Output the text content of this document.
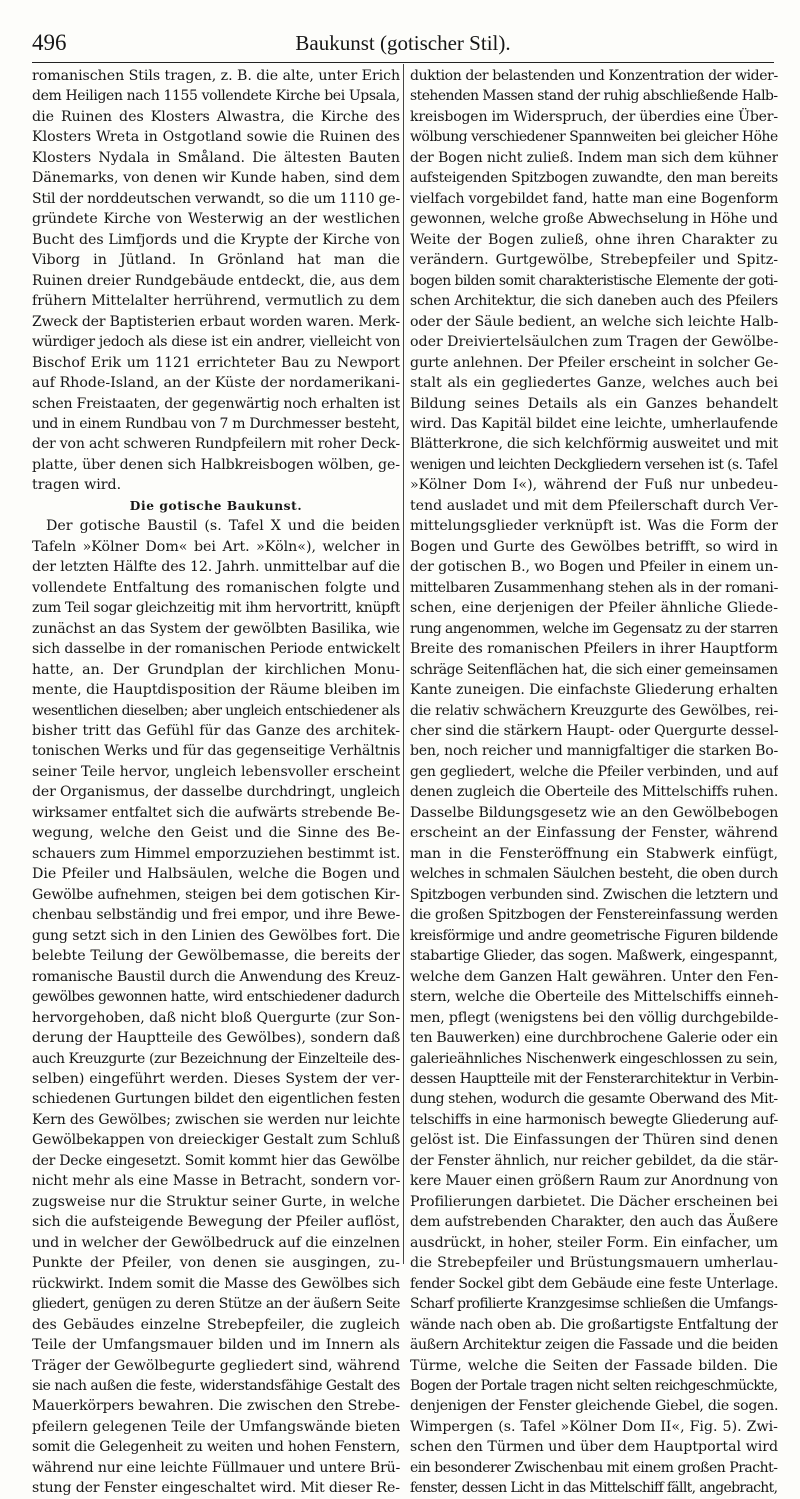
496	Baukunst (gotischer Stil).
romanischen Stils tragen, z. B. die alte, unter Erich
dem Heiligen nach 1155 vollendete Kirche bei Upsala,
die Ruinen des Klosters Alwastra, die Kirche des
Klosters Wreta in Ostgotland sowie die Ruinen des
Klosters Nydala in Småland. Die ältesten Bauten
Dänemarks, von denen wir Kunde haben, sind dem
Stil der norddeutschen verwandt, so die um 1110 ge-
gründete Kirche von Westerwig an der westlichen
Bucht des Limfjords und die Krypte der Kirche von
Viborg in Jütland. In Grönland hat man die
Ruinen dreier Rundgebäude entdeckt, die, aus dem
frühern Mittelalter herrührend, vermutlich zu dem
Zweck der Baptisterien erbaut worden waren. Merk-
würdiger jedoch als diese ist ein andrer, vielleicht von
Bischof Erik um 1121 errichteter Bau zu Newport
auf Rhode-Island, an der Küste der nordamerikani-
schen Freistaaten, der gegenwärtig noch erhalten ist
und in einem Rundbau von 7 m Durchmesser besteht,
der von acht schweren Rundpfeilern mit roher Deck-
platte, über denen sich Halbkreisbogen wölben, ge-
tragen wird.
Die gotische Baukunst.
Der gotische Baustil (s. Tafel X und die beiden
Tafeln »Kölner Dom« bei Art. »Köln«), welcher in
der letzten Hälfte des 12. Jahrh. unmittelbar auf die
vollendete Entfaltung des romanischen folgte und
zum Teil sogar gleichzeitig mit ihm hervortritt, knüpft
zunächst an das System der gewölbten Basilika, wie
sich dasselbe in der romanischen Periode entwickelt
hatte, an. Der Grundplan der kirchlichen Monu-
mente, die Hauptdisposition der Räume bleiben im
wesentlichen dieselben; aber ungleich entschiedener als
bisher tritt das Gefühl für das Ganze des architek-
tonischen Werks und für das gegenseitige Verhältnis
seiner Teile hervor, ungleich lebensvoller erscheint
der Organismus, der dasselbe durchdringt, ungleich
wirksamer entfaltet sich die aufwärts strebende Be-
wegung, welche den Geist und die Sinne des Be-
schauers zum Himmel emporzuziehen bestimmt ist.
Die Pfeiler und Halbsäulen, welche die Bogen und
Gewölbe aufnehmen, steigen bei dem gotischen Kir-
chenbau selbständig und frei empor, und ihre Bewe-
gung setzt sich in den Linien des Gewölbes fort. Die
belebte Teilung der Gewölbemasse, die bereits der
romanische Baustil durch die Anwendung des Kreuz-
gewölbes gewonnen hatte, wird entschiedener dadurch
hervorgehoben, daß nicht bloß Quergurte (zur Son-
derung der Hauptteile des Gewölbes), sondern daß
auch Kreuzgurte (zur Bezeichnung der Einzelteile des-
selben) eingeführt werden. Dieses System der ver-
schiedenen Gurtungen bildet den eigentlichen festen
Kern des Gewölbes; zwischen sie werden nur leichte
Gewölbekappen von dreieckiger Gestalt zum Schluß
der Decke eingesetzt. Somit kommt hier das Gewölbe
nicht mehr als eine Masse in Betracht, sondern vor-
zugsweise nur die Struktur seiner Gurte, in welche
sich die aufsteigende Bewegung der Pfeiler auflöst,
und in welcher der Gewölbedruck auf die einzelnen
Punkte der Pfeiler, von denen sie ausgingen, zu-
rückwirkt. Indem somit die Masse des Gewölbes sich
gliedert, genügen zu deren Stütze an der äußern Seite
des Gebäudes einzelne Strebepfeiler, die zugleich
Teile der Umfangsmauer bilden und im Innern als
Träger der Gewölbegurte gegliedert sind, während
sie nach außen die feste, widerstandsfähige Gestalt des
Mauerkörpers bewahren. Die zwischen den Strebe-
pfeilern gelegenen Teile der Umfangswände bieten
somit die Gelegenheit zu weiten und hohen Fenstern,
während nur eine leichte Füllmauer und untere Brü-
stung der Fenster eingeschaltet wird. Mit dieser Re-
duktion der belastenden und Konzentration der wider-
stehenden Massen stand der ruhig abschließende Halb-
kreisbogen im Widerspruch, der überdies eine Über-
wölbung verschiedener Spannweiten bei gleicher Höhe
der Bogen nicht zuließ. Indem man sich dem kühner
aufsteigenden Spitzbogen zuwandte, den man bereits
vielfach vorgebildet fand, hatte man eine Bogenform
gewonnen, welche große Abwechselung in Höhe und
Weite der Bogen zuließ, ohne ihren Charakter zu
verändern. Gurtgewölbe, Strebepfeiler und Spitz-
bogen bilden somit charakteristische Elemente der goti-
schen Architektur, die sich daneben auch des Pfeilers
oder der Säule bedient, an welche sich leichte Halb-
oder Dreiviertelsäulchen zum Tragen der Gewölbe-
gurte anlehnen. Der Pfeiler erscheint in solcher Ge-
stalt als ein gegliedertes Ganze, welches auch bei
Bildung seines Details als ein Ganzes behandelt
wird. Das Kapitäl bildet eine leichte, umherlaufende
Blätterkrone, die sich kelchförmig ausweitet und mit
wenigen und leichten Deckgliedern versehen ist (s. Tafel
»Kölner Dom I«), während der Fuß nur unbedeu-
tend ausladet und mit dem Pfeilerschaft durch Ver-
mittelungsglieder verknüpft ist. Was die Form der
Bogen und Gurte des Gewölbes betrifft, so wird in
der gotischen B., wo Bogen und Pfeiler in einem un-
mittelbaren Zusammenhang stehen als in der romani-
schen, eine derjenigen der Pfeiler ähnliche Gliede-
rung angenommen, welche im Gegensatz zu der starren
Breite des romanischen Pfeilers in ihrer Hauptform
schräge Seitenflächen hat, die sich einer gemeinsamen
Kante zuneigen. Die einfachste Gliederung erhalten
die relativ schwächern Kreuzgurte des Gewölbes, rei-
cher sind die stärkern Haupt- oder Quergurte dessel-
ben, noch reicher und mannigfaltiger die starken Bo-
gen gegliedert, welche die Pfeiler verbinden, und auf
denen zugleich die Oberteile des Mittelschiffs ruhen.
Dasselbe Bildungsgesetz wie an den Gewölbebogen
erscheint an der Einfassung der Fenster, während
man in die Fensteröffnung ein Stabwerk einfügt,
welches in schmalen Säulchen besteht, die oben durch
Spitzbogen verbunden sind. Zwischen die letztern und
die großen Spitzbogen der Fenstereinfassung werden
kreisförmige und andre geometrische Figuren bildende
stabartige Glieder, das sogen. Maßwerk, eingespannt,
welche dem Ganzen Halt gewähren. Unter den Fen-
stern, welche die Oberteile des Mittelschiffs einneh-
men, pflegt (wenigstens bei den völlig durchgebilde-
ten Bauwerken) eine durchbrochene Galerie oder ein
galerieähnliches Nischenwerk eingeschlossen zu sein,
dessen Hauptteile mit der Fensterarchitektur in Verbin-
dung stehen, wodurch die gesamte Oberwand des Mit-
telschiffs in eine harmonisch bewegte Gliederung auf-
gelöst ist. Die Einfassungen der Thüren sind denen
der Fenster ähnlich, nur reicher gebildet, da die stär-
kere Mauer einen größern Raum zur Anordnung von
Profilierungen darbietet. Die Dächer erscheinen bei
dem aufstrebenden Charakter, den auch das Äußere
ausdrückt, in hoher, steiler Form. Ein einfacher, um
die Strebepfeiler und Brüstungsmauern umherlau-
fender Sockel gibt dem Gebäude eine feste Unterlage.
Scharf profilierte Kranzgesimse schließen die Umfangs-
wände nach oben ab. Die großartigste Entfaltung der
äußern Architektur zeigen die Fassade und die beiden
Türme, welche die Seiten der Fassade bilden. Die
Bogen der Portale tragen nicht selten reichgeschmückte,
denjenigen der Fenster gleichende Giebel, die sogen.
Wimpergen (s. Tafel »Kölner Dom II«, Fig. 5). Zwi-
schen den Türmen und über dem Hauptportal wird
ein besonderer Zwischenbau mit einem großen Pracht-
fenster, dessen Licht in das Mittelschiff fällt, angebracht,
